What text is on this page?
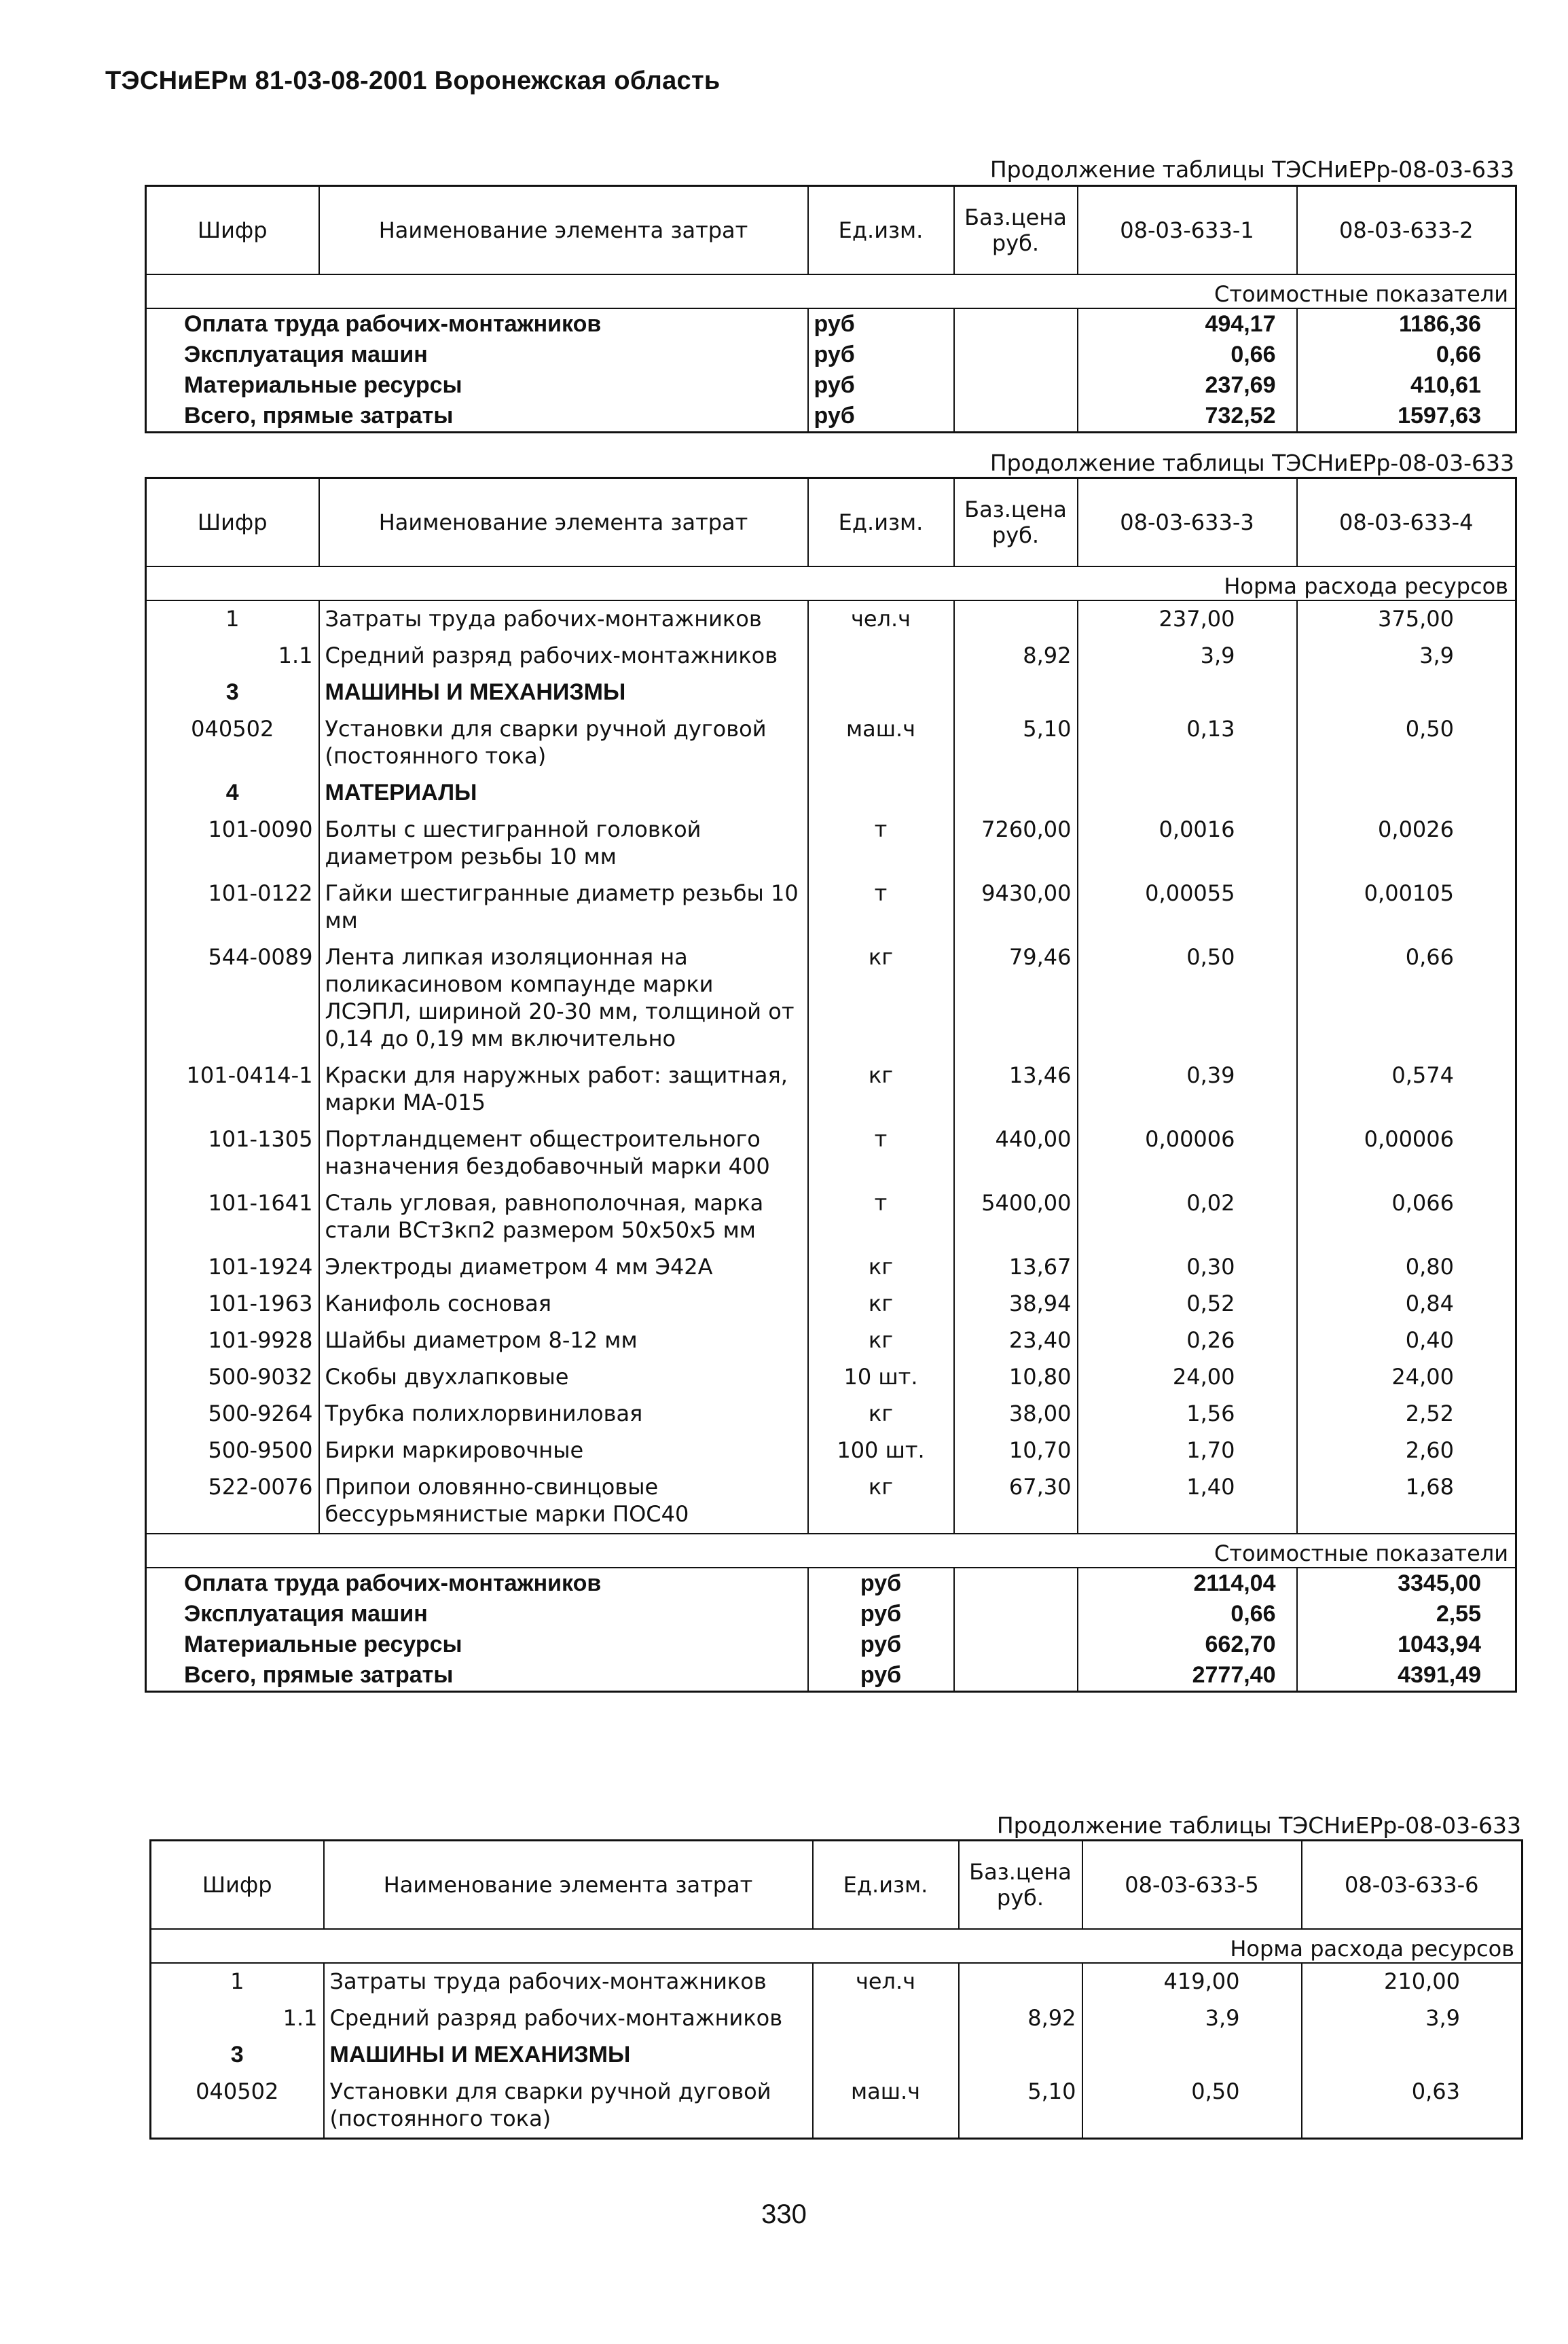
ТЭСНиЕРм 81-03-08-2001 Воронежская область
Продолжение таблицы ТЭСНиЕРр-08-03-633
Шифр	Наименование элемента затрат	Ед.изм.	Баз.цена руб.	08-03-633-1	08-03-633-2
Стоимостные показатели					
Оплата труда рабочих-монтажников		руб		494,17	1186,36
Эксплуатация машин		руб		0,66	0,66
Материальные ресурсы		руб		237,69	410,61
Всего, прямые затраты		руб		732,52	1597,63
Продолжение таблицы ТЭСНиЕРр-08-03-633
Шифр	Наименование элемента затрат	Ед.изм.	Баз.цена руб.	08-03-633-3	08-03-633-4
Норма расхода ресурсов					
1	Затраты труда рабочих-монтажников	чел.ч		237,00	375,00
1.1	Средний разряд рабочих-монтажников		8,92	3,9	3,9
3	МАШИНЫ И МЕХАНИЗМЫ				
040502	Установки для сварки ручной дуговой (постоянного тока)	маш.ч	5,10	0,13	0,50
4	МАТЕРИАЛЫ				
101-0090	Болты с шестигранной головкой диаметром резьбы 10 мм	т	7260,00	0,0016	0,0026
101-0122	Гайки шестигранные диаметр резьбы 10 мм	т	9430,00	0,00055	0,00105
544-0089	Лента липкая изоляционная на поликасиновом компаунде марки ЛСЭПЛ, шириной 20-30 мм, толщиной от 0,14 до 0,19 мм включительно	кг	79,46	0,50	0,66
101-0414-1	Краски для наружных работ: защитная, марки МА-015	кг	13,46	0,39	0,574
101-1305	Портландцемент общестроительного назначения бездобавочный марки 400	т	440,00	0,00006	0,00006
101-1641	Сталь угловая, равнополочная, марка стали ВСт3кп2 размером 50x50x5 мм	т	5400,00	0,02	0,066
101-1924	Электроды диаметром 4 мм Э42А	кг	13,67	0,30	0,80
101-1963	Канифоль сосновая	кг	38,94	0,52	0,84
101-9928	Шайбы диаметром 8-12 мм	кг	23,40	0,26	0,40
500-9032	Скобы двухлапковые	10 шт.	10,80	24,00	24,00
500-9264	Трубка полихлорвиниловая	кг	38,00	1,56	2,52
500-9500	Бирки маркировочные	100 шт.	10,70	1,70	2,60
522-0076	Припои оловянно-свинцовые бессурьмянистые марки ПОС40	кг	67,30	1,40	1,68
Стоимостные показатели					
Оплата труда рабочих-монтажников		руб		2114,04	3345,00
Эксплуатация машин		руб		0,66	2,55
Материальные ресурсы		руб		662,70	1043,94
Всего, прямые затраты		руб		2777,40	4391,49
Продолжение таблицы ТЭСНиЕРр-08-03-633
Шифр	Наименование элемента затрат	Ед.изм.	Баз.цена руб.	08-03-633-5	08-03-633-6
Норма расхода ресурсов					
1	Затраты труда рабочих-монтажников	чел.ч		419,00	210,00
1.1	Средний разряд рабочих-монтажников		8,92	3,9	3,9
3	МАШИНЫ И МЕХАНИЗМЫ				
040502	Установки для сварки ручной дуговой (постоянного тока)	маш.ч	5,10	0,50	0,63
330
